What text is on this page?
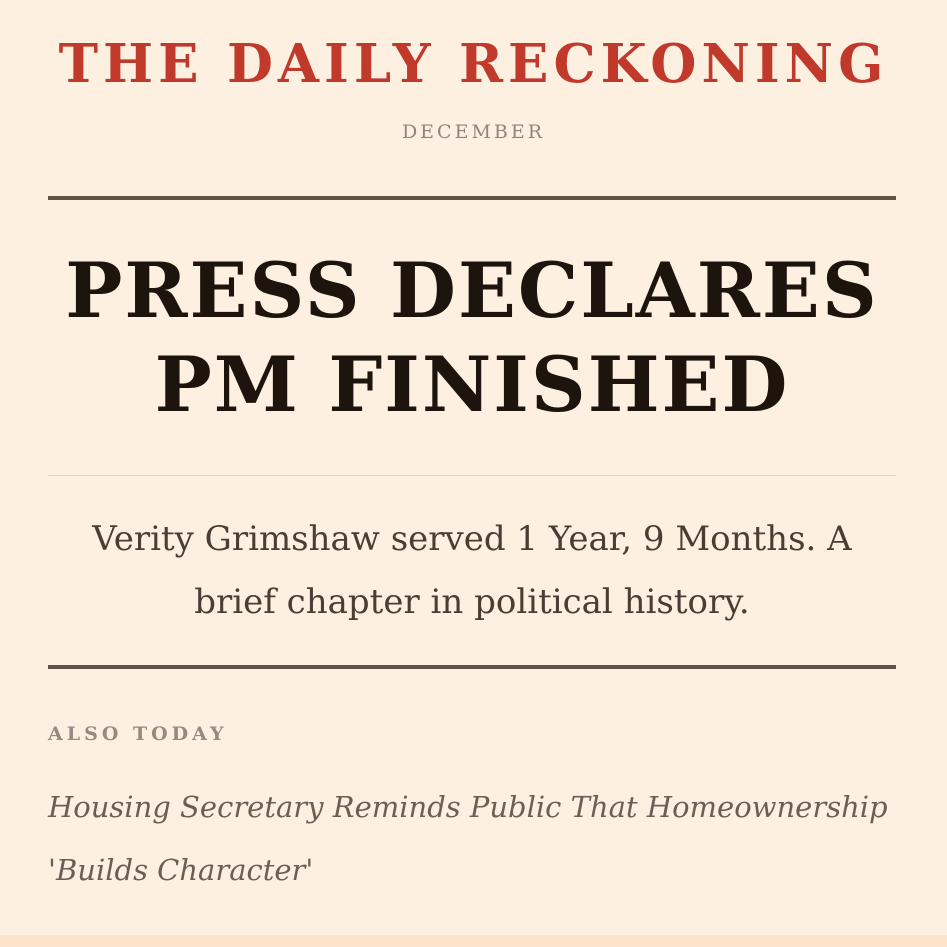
THE DAILY RECKONING
DECEMBER
PRESS DECLARES PM FINISHED
Verity Grimshaw served 1 Year, 9 Months. A brief chapter in political history.
ALSO TODAY
Housing Secretary Reminds Public That Homeownership 'Builds Character'
